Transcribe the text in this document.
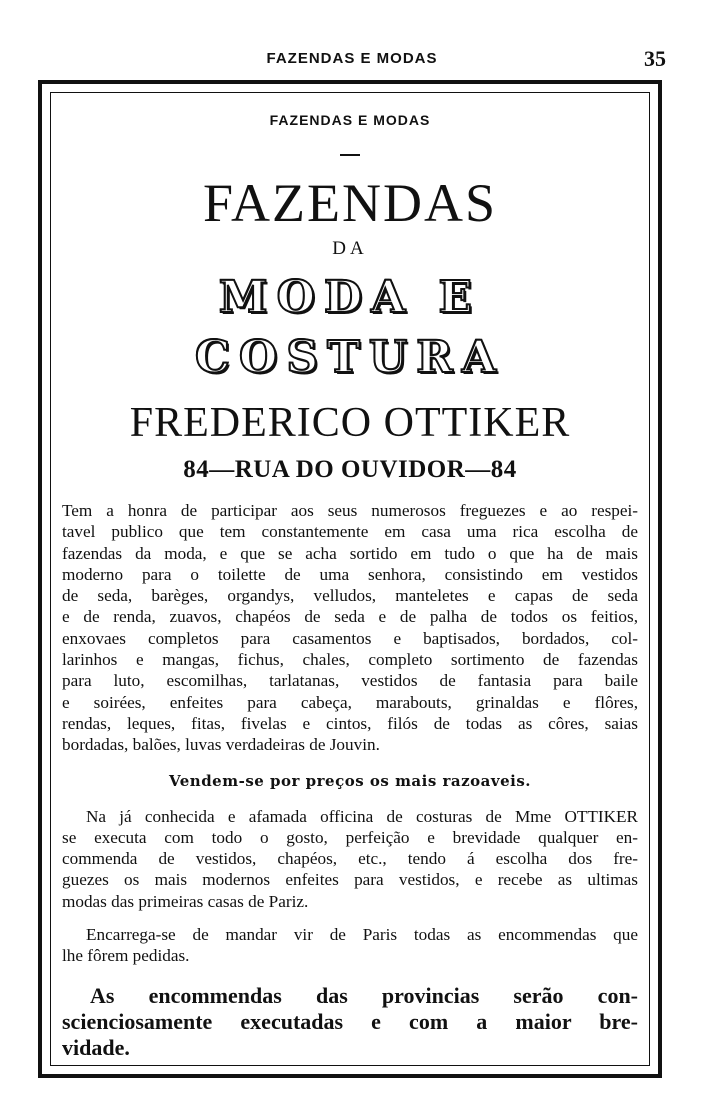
FAZENDAS E MODAS	35
FAZENDAS E MODAS
FAZENDAS
DA
MODA E COSTURA
FREDERICO OTTIKER
84—RUA DO OUVIDOR—84
Tem a honra de participar aos seus numerosos freguezes e ao respei-
tavel publico que tem constantemente em casa uma rica escolha de
fazendas da moda, e que se acha sortido em tudo o que ha de mais
moderno para o toilette de uma senhora, consistindo em vestidos
de seda, barèges, organdys, velludos, manteletes e capas de seda
e de renda, zuavos, chapéos de seda e de palha de todos os feitios,
enxovaes completos para casamentos e baptisados, bordados, col-
larinhos e mangas, fichus, chales, completo sortimento de fazendas
para luto, escomilhas, tarlatanas, vestidos de fantasia para baile
e soirées, enfeites para cabeça, marabouts, grinaldas e flôres,
rendas, leques, fitas, fivelas e cintos, filós de todas as côres, saias
bordadas, balões, luvas verdadeiras de Jouvin.
Vendem-se por preços os mais razoaveis.
Na já conhecida e afamada officina de costuras de Mme OTTIKER
se executa com todo o gosto, perfeição e brevidade qualquer en-
commenda de vestidos, chapéos, etc., tendo á escolha dos fre-
guezes os mais modernos enfeites para vestidos, e recebe as ultimas
modas das primeiras casas de Pariz.
Encarrega-se de mandar vir de Paris todas as encommendas que
lhe fôrem pedidas.
As encommendas das provincias serão con-
scienciosamente executadas e com a maior bre-
vidade.
